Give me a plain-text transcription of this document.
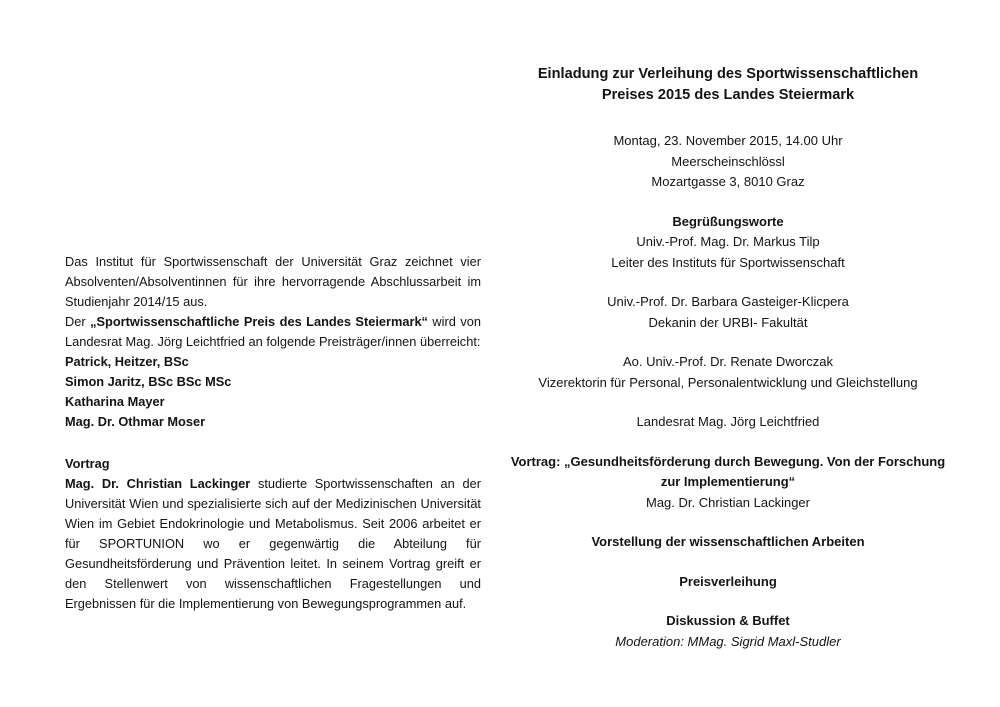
Das Institut für Sportwissenschaft der Universität Graz zeichnet vier Absolventen/Absolventinnen für ihre hervorragende Abschlussarbeit im Studienjahr 2014/15 aus.

Der „Sportwissenschaftliche Preis des Landes Steiermark“ wird von Landesrat Mag. Jörg Leichtfried an folgende Preisträger/innen überreicht:

Patrick, Heitzer, BSc
Simon Jaritz, BSc BSc MSc
Katharina Mayer
Mag. Dr. Othmar Moser

Vortrag

Mag. Dr. Christian Lackinger studierte Sportwissenschaften an der Universität Wien und spezialisierte sich auf der Medizinischen Universität Wien im Gebiet Endokrinologie und Metabolismus. Seit 2006 arbeitet er für SPORTUNION wo er gegenwärtig die Abteilung für Gesundheitsförderung und Prävention leitet. In seinem Vortrag greift er den Stellenwert von wissenschaftlichen Fragestellungen und Ergebnissen für die Implementierung von Bewegungsprogrammen auf.

Einladung zur Verleihung des Sportwissenschaftlichen
Preises 2015 des Landes Steiermark
Montag, 23. November 2015, 14.00 Uhr
Meerscheinschlössl
Mozartgasse 3, 8010 Graz
Begrüßungsworte
Univ.-Prof. Mag. Dr. Markus Tilp
Leiter des Instituts für Sportwissenschaft
Univ.-Prof. Dr. Barbara Gasteiger-Klicpera
Dekanin der URBI- Fakultät
Ao. Univ.-Prof. Dr. Renate Dworczak
Vizerektorin für Personal, Personalentwicklung und Gleichstellung
Landesrat Mag. Jörg Leichtfried
Vortrag: „Gesundheitsförderung durch Bewegung. Von der Forschung
zur Implementierung“
Mag. Dr. Christian Lackinger
Vorstellung der wissenschaftlichen Arbeiten
Preisverleihung
Diskussion & Buffet
Moderation: MMag. Sigrid Maxl-Studler
